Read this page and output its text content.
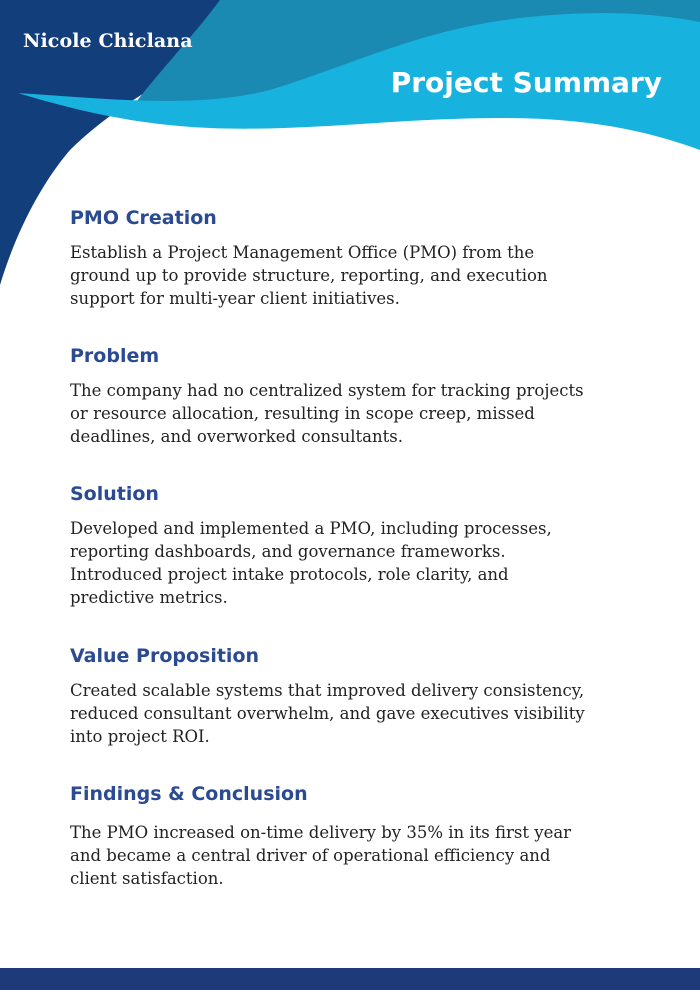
Nicole Chiclana
Project Summary
PMO Creation

Establish a Project Management Office (PMO) from the ground up to provide structure, reporting, and execution support for multi-year client initiatives.

Problem

The company had no centralized system for tracking projects or resource allocation, resulting in scope creep, missed deadlines, and overworked consultants.

Solution

Developed and implemented a PMO, including processes, reporting dashboards, and governance frameworks. Introduced project intake protocols, role clarity, and predictive metrics.

Value Proposition

Created scalable systems that improved delivery consistency, reduced consultant overwhelm, and gave executives visibility into project ROI.

Findings & Conclusion

The PMO increased on-time delivery by 35% in its first year and became a central driver of operational efficiency and client satisfaction.
